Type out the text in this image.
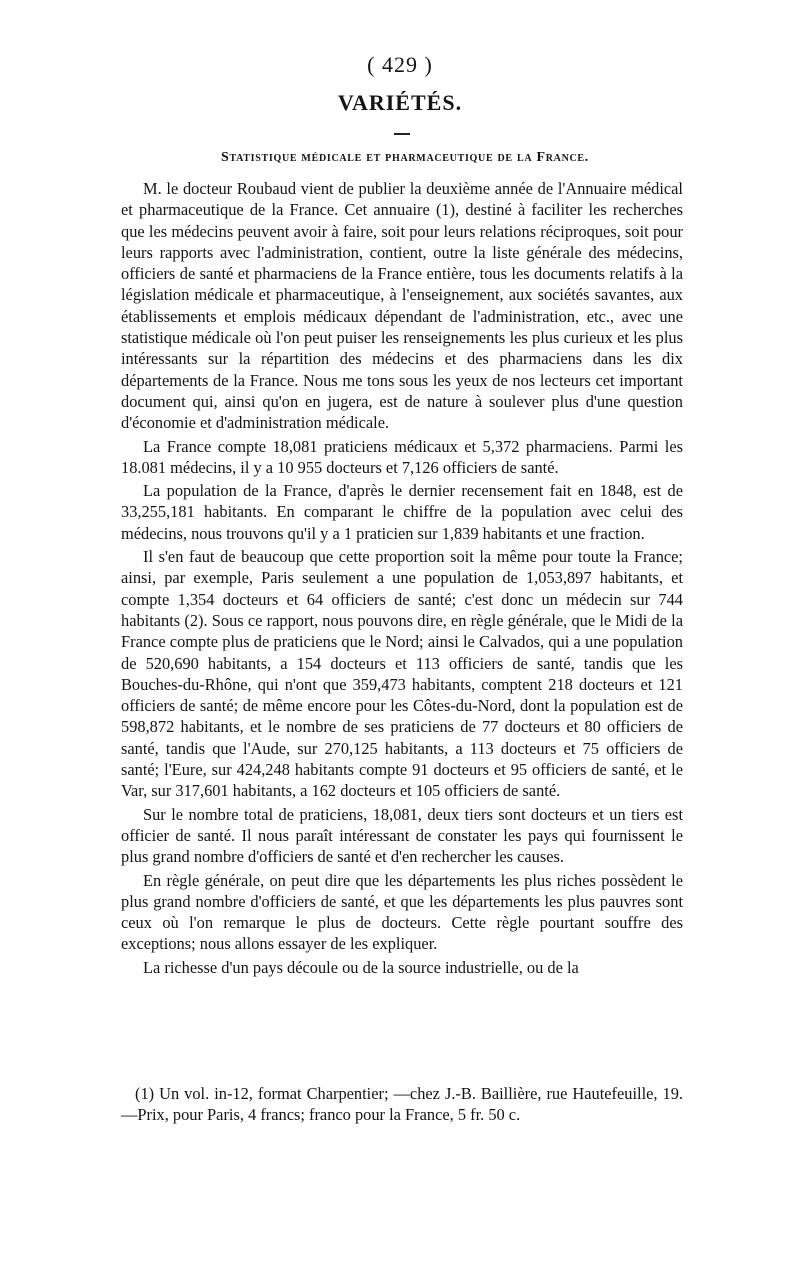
( 429 )
VARIÉTÉS.
Statistique médicale et pharmaceutique de la France.

M. le docteur Roubaud vient de publier la deuxième année de l'Annuaire médical et pharmaceutique de la France. Cet annuaire (1), destiné à faciliter les recherches que les médecins peuvent avoir à faire, soit pour leurs relations réciproques, soit pour leurs rapports avec l'administration, contient, outre la liste générale des médecins, officiers de santé et pharmaciens de la France entière, tous les documents relatifs à la législation médicale et pharmaceutique, à l'enseignement, aux sociétés savantes, aux établissements et emplois médicaux dépendant de l'administration, etc., avec une statistique médicale où l'on peut puiser les renseignements les plus curieux et les plus intéressants sur la répartition des médecins et des pharmaciens dans les dix départements de la France. Nous me tons sous les yeux de nos lecteurs cet important document qui, ainsi qu'on en jugera, est de nature à soulever plus d'une question d'économie et d'administration médicale.

La France compte 18,081 praticiens médicaux et 5,372 pharmaciens. Parmi les 18.081 médecins, il y a 10 955 docteurs et 7,126 officiers de santé.

La population de la France, d'après le dernier recensement fait en 1848, est de 33,255,181 habitants. En comparant le chiffre de la population avec celui des médecins, nous trouvons qu'il y a 1 praticien sur 1,839 habitants et une fraction.

Il s'en faut de beaucoup que cette proportion soit la même pour toute la France; ainsi, par exemple, Paris seulement a une population de 1,053,897 habitants, et compte 1,354 docteurs et 64 officiers de santé; c'est donc un médecin sur 744 habitants (2). Sous ce rapport, nous pouvons dire, en règle générale, que le Midi de la France compte plus de praticiens que le Nord; ainsi le Calvados, qui a une population de 520,690 habitants, a 154 docteurs et 113 officiers de santé, tandis que les Bouches-du-Rhône, qui n'ont que 359,473 habitants, comptent 218 docteurs et 121 officiers de santé; de même encore pour les Côtes-du-Nord, dont la population est de 598,872 habitants, et le nombre de ses praticiens de 77 docteurs et 80 officiers de santé, tandis que l'Aude, sur 270,125 habitants, a 113 docteurs et 75 officiers de santé; l'Eure, sur 424,248 habitants compte 91 docteurs et 95 officiers de santé, et le Var, sur 317,601 habitants, a 162 docteurs et 105 officiers de santé.

Sur le nombre total de praticiens, 18,081, deux tiers sont docteurs et un tiers est officier de santé. Il nous paraît intéressant de constater les pays qui fournissent le plus grand nombre d'officiers de santé et d'en rechercher les causes.

En règle générale, on peut dire que les départements les plus riches possèdent le plus grand nombre d'officiers de santé, et que les départements les plus pauvres sont ceux où l'on remarque le plus de docteurs. Cette règle pourtant souffre des exceptions; nous allons essayer de les expliquer.

La richesse d'un pays découle ou de la source industrielle, ou de la

(1) Un vol. in-12, format Charpentier; —chez J.-B. Baillière, rue Hautefeuille, 19. —Prix, pour Paris, 4 francs; franco pour la France, 5 fr. 50 c.
